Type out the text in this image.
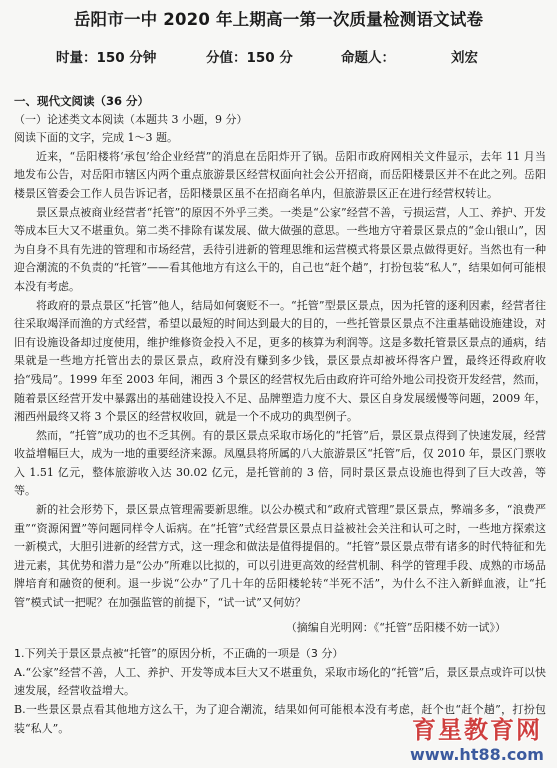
岳阳市一中 2020 年上期高一第一次质量检测语文试卷
时量：150 分钟	分值：150 分	命题人：	刘宏

一、现代文阅读（36 分）

（一）论述类文本阅读（本题共 3 小题，9 分）

阅读下面的文字，完成 1～3 题。

近来，“岳阳楼将‘承包’给企业经营”的消息在岳阳炸开了锅。岳阳市政府网相关文件显示，去年 11 月当地发布公告，对岳阳市辖区内两个重点旅游景区经营权面向社会公开招商，而岳阳楼景区并不在此之列。岳阳楼景区管委会工作人员告诉记者，岳阳楼景区虽不在招商名单内，但旅游景区正在进行经营权转让。

景区景点被商业经营者“托管”的原因不外乎三类。一类是“公家”经营不善，亏损运营，人工、养护、开发等成本巨大又不堪重负。第二类不排除有谋发展、做大做强的意思。一些地方守着景区景点的“金山银山”，因为自身不具有先进的管理和市场经营，丢待引进新的管理思维和运营模式将景区景点做得更好。当然也有一种迎合潮流的不负责的“托管”——看其他地方有这么干的，自己也“赶个趟”，打扮包装“私人”，结果如何可能根本没有考虑。

将政府的景点景区“托管”他人，结局如何褒贬不一。“托管”型景区景点，因为托管的逐利因素，经营者往往采取竭泽而渔的方式经营，希望以最短的时间达到最大的目的，一些托管景区景点不注重基础设施建设，对旧有设施设备却过度使用，维护维修资金投入不足，更多的核算为利润等。这是多数托管景区景点的通病，结果就是一些地方托管出去的景区景点，政府没有赚到多少钱，景区景点却被坏得客户置，最终还得政府收拾“残局”。1999 年至 2003 年间，湘西 3 个景区的经营权先后由政府许可给外地公司投资开发经营，然而，随着景区经营开发中暴露出的基础建设投入不足、品牌塑造力度不大、景区自身发展缓慢等问题，2009 年，湘西州最终又将 3 个景区的经营权收回，就是一个不成功的典型例子。

然而，“托管”成功的也不乏其例。有的景区景点采取市场化的“托管”后，景区景点得到了快速发展，经营收益增幅巨大，成为一地的重要经济来源。凤凰县将所属的八大旅游景区“托管”后，仅 2010 年，景区门票收入 1.51 亿元，整体旅游收入达 30.02 亿元，是托管前的 3 倍，同时景区景点设施也得到了巨大改善，等等。

新的社会形势下，景区景点管理需要新思维。以公办模式和“政府式管理”景区景点，弊端多多，“浪费严重”“资源闲置”等问题同样令人诟病。在“托管”式经营景区景点日益被社会关注和认可之时，一些地方探索这一新模式，大胆引进新的经营方式，这一理念和做法是值得提倡的。“托管”景区景点带有诸多的时代特征和先进元素，其优势和潜力是“公办”所难以比拟的，可以引进更高效的经营机制、科学的管理手段、成熟的市场品牌培育和融资的便利。退一步说“公办”了几十年的岳阳楼轮转“半死不活”，为什么不注入新鲜血液，让“托管”模式试一把呢？在加强监管的前提下，“试一试”又何妨？

（摘编自光明网：《“托管”岳阳楼不妨一试》）

1.下列关于景区景点被“托管”的原因分析，不正确的一项是（3 分）

A.“公家”经营不善，人工、养护、开发等成本巨大又不堪重负，采取市场化的“托管”后，景区景点或许可以快速发展，经营收益增大。

B.一些景区景点看其他地方这么干，为了迎合潮流，结果如何可能根本没有考虑，赶个也“赶个趟”，打扮包装“私人”。	育星教育网
www.ht88.com
